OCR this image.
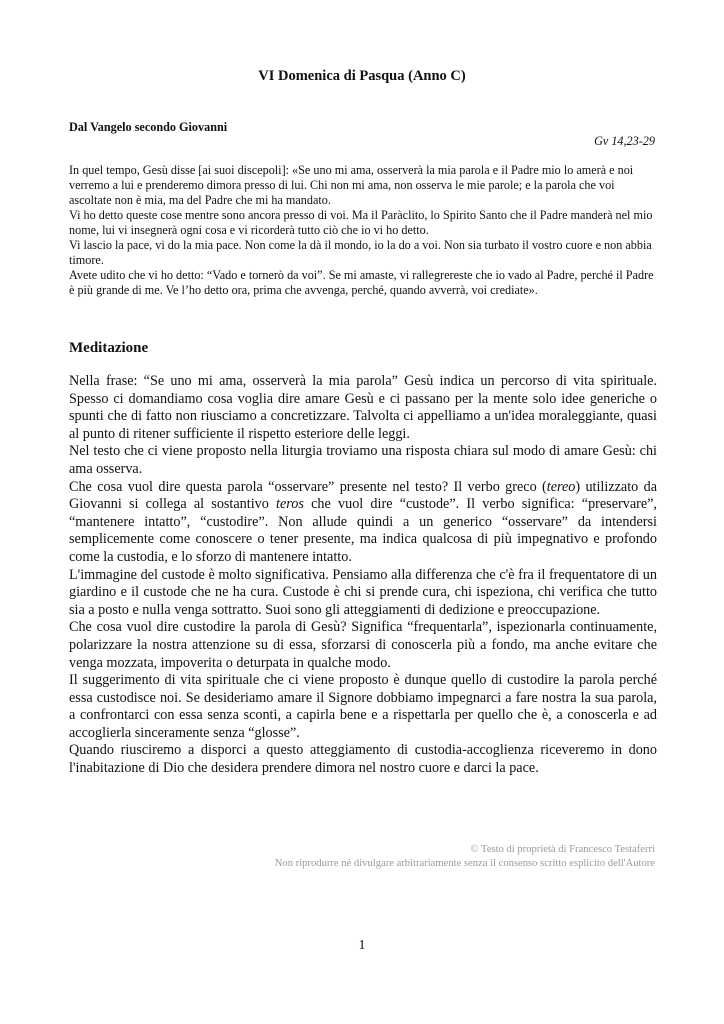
VI Domenica di Pasqua (Anno C)
Dal Vangelo secondo Giovanni
Gv 14,23-29

In quel tempo, Gesù disse [ai suoi discepoli]: «Se uno mi ama, osserverà la mia parola e il Padre mio lo amerà e noi verremo a lui e prenderemo dimora presso di lui. Chi non mi ama, non osserva le mie parole; e la parola che voi ascoltate non è mia, ma del Padre che mi ha mandato.

Vi ho detto queste cose mentre sono ancora presso di voi. Ma il Paràclito, lo Spirito Santo che il Padre manderà nel mio nome, lui vi insegnerà ogni cosa e vi ricorderà tutto ciò che io vi ho detto.

Vi lascio la pace, vi do la mia pace. Non come la dà il mondo, io la do a voi. Non sia turbato il vostro cuore e non abbia timore.

Avete udito che vi ho detto: “Vado e tornerò da voi”. Se mi amaste, vi rallegrereste che io vado al Padre, perché il Padre è più grande di me. Ve l’ho detto ora, prima che avvenga, perché, quando avverrà, voi crediate».

Meditazione

Nella frase: “Se uno mi ama, osserverà la mia parola” Gesù indica un percorso di vita spirituale. Spesso ci domandiamo cosa voglia dire amare Gesù e ci passano per la mente solo idee generiche o spunti che di fatto non riusciamo a concretizzare. Talvolta ci appelliamo a un'idea moraleggiante, quasi al punto di ritener sufficiente il rispetto esteriore delle leggi.

Nel testo che ci viene proposto nella liturgia troviamo una risposta chiara sul modo di amare Gesù: chi ama osserva.

Che cosa vuol dire questa parola “osservare” presente nel testo? Il verbo greco (tereo) utilizzato da Giovanni si collega al sostantivo teros che vuol dire “custode”. Il verbo significa: “preservare”, “mantenere intatto”, “custodire”. Non allude quindi a un generico “osservare” da intendersi semplicemente come conoscere o tener presente, ma indica qualcosa di più impegnativo e profondo come la custodia, e lo sforzo di mantenere intatto.

L'immagine del custode è molto significativa. Pensiamo alla differenza che c'è fra il frequentatore di un giardino e il custode che ne ha cura. Custode è chi si prende cura, chi ispeziona, chi verifica che tutto sia a posto e nulla venga sottratto. Suoi sono gli atteggiamenti di dedizione e preoccupazione.

Che cosa vuol dire custodire la parola di Gesù? Significa “frequentarla”, ispezionarla continuamente, polarizzare la nostra attenzione su di essa, sforzarsi di conoscerla più a fondo, ma anche evitare che venga mozzata, impoverita o deturpata in qualche modo.

Il suggerimento di vita spirituale che ci viene proposto è dunque quello di custodire la parola perché essa custodisce noi. Se desideriamo amare il Signore dobbiamo impegnarci a fare nostra la sua parola, a confrontarci con essa senza sconti, a capirla bene e a rispettarla per quello che è, a conoscerla e ad accoglierla sinceramente senza “glosse”.

Quando riusciremo a disporci a questo atteggiamento di custodia-accoglienza riceveremo in dono l'inabitazione di Dio che desidera prendere dimora nel nostro cuore e darci la pace.

© Testo di proprietà di Francesco Testaferri
Non riprodurre né divulgare arbitrariamente senza il consenso scritto esplicito dell'Autore
1
